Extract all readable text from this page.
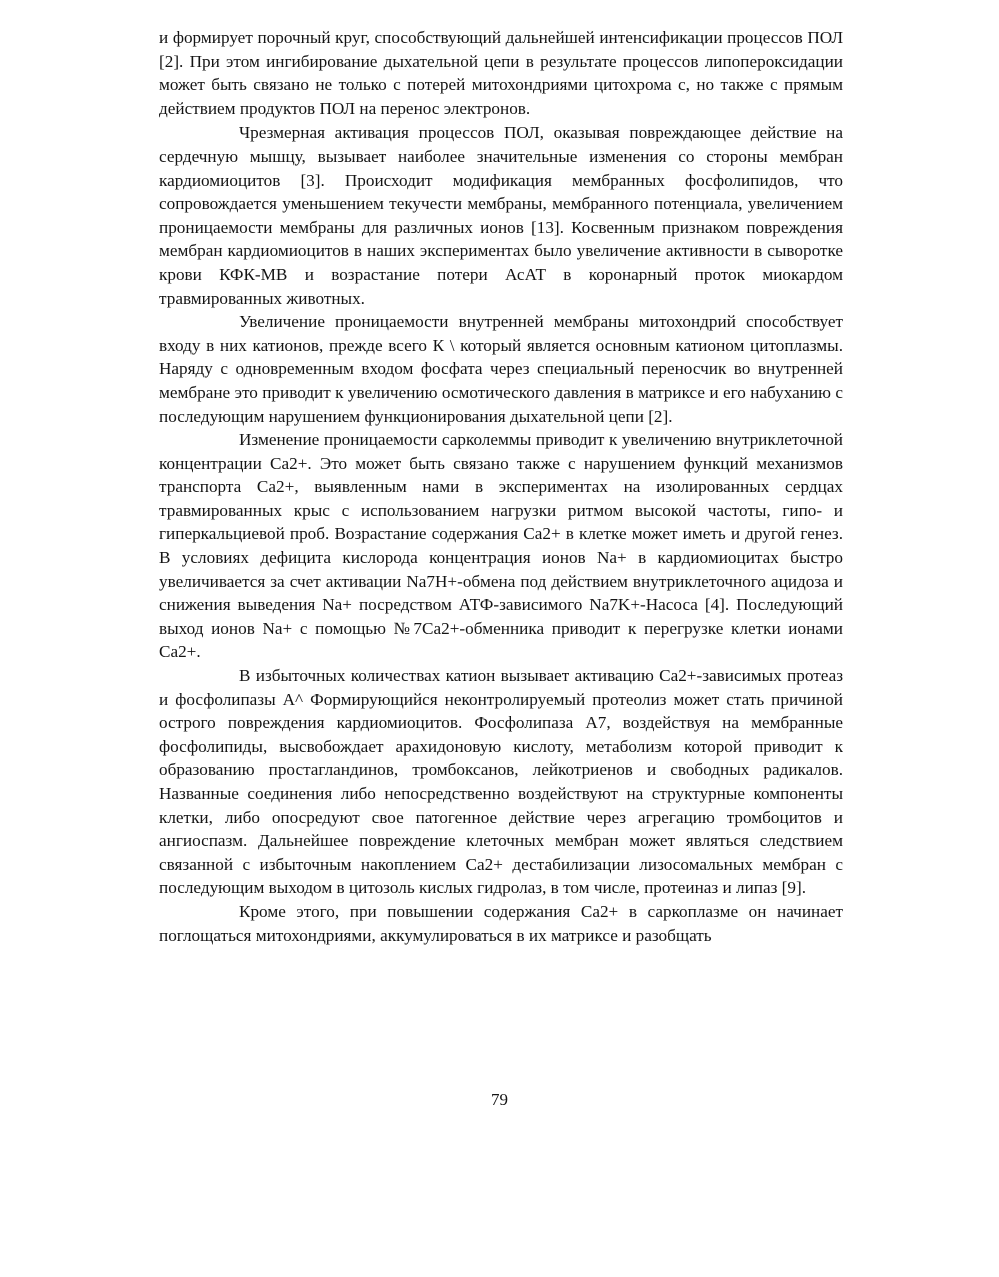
и формирует порочный круг, способствующий дальнейшей интенсификации процессов ПОЛ [2]. При этом ингибирование дыхательной цепи в результате процессов липопероксидации может быть связано не только с потерей митохондриями цитохрома с, но также с прямым действием продуктов ПОЛ на перенос электронов.

Чрезмерная активация процессов ПОЛ, оказывая повреждающее действие на сердечную мышцу, вызывает наиболее значительные изменения со стороны мембран кардиомиоцитов [3]. Происходит модификация мембранных фосфолипидов, что сопровождается уменьшением текучести мембраны, мембранного потенциала, увеличением проницаемости мембраны для различных ионов [13]. Косвенным признаком повреждения мембран кардиомиоцитов в наших экспериментах было увеличение активности в сыворотке крови КФК-МВ и возрастание потери АсАТ в коронарный проток миокардом травмированных животных.

Увеличение проницаемости внутренней мембраны митохондрий способствует входу в них катионов, прежде всего К \ который является основным катионом цитоплазмы. Наряду с одновременным входом фосфата через специальный переносчик во внутренней мембране это приводит к увеличению осмотического давления в матриксе и его набуханию с последующим нарушением функционирования дыхательной цепи [2].

Изменение проницаемости сарколеммы приводит к увеличению внутриклеточной концентрации Са2+. Это может быть связано также с нарушением функций механизмов транспорта Са2+, выявленным нами в экспериментах на изолированных сердцах травмированных крыс с использованием нагрузки ритмом высокой частоты, гипо- и гиперкальциевой проб. Возрастание содержания Са2+ в клетке может иметь и другой генез. В условиях дефицита кислорода концентрация ионов Na+ в кардиомиоцитах быстро увеличивается за счет активации Na7H+-обмена под действием внутриклеточного ацидоза и снижения выведения Na+ посредством АТФ-зависимого Na7K+-Насоса [4]. Последующий выход ионов Na+ с помощью №7Са2+-обменника приводит к перегрузке клетки ионами Са2+.

В избыточных количествах катион вызывает активацию Са2+-зависимых протеаз и фосфолипазы А^ Формирующийся неконтролируемый протеолиз может стать причиной острого повреждения кардиомиоцитов. Фосфолипаза А7, воздействуя на мембранные фосфолипиды, высвобождает арахидоновую кислоту, метаболизм которой приводит к образованию простагландинов, тромбоксанов, лейкотриенов и свободных радикалов. Названные соединения либо непосредственно воздействуют на структурные компоненты клетки, либо опосредуют свое патогенное действие через агрегацию тромбоцитов и ангиоспазм. Дальнейшее повреждение клеточных мембран может являться следствием связанной с избыточным накоплением Са2+ дестабилизации лизосомальных мембран с последующим выходом в цитозоль кислых гидролаз, в том числе, протеиназ и липаз [9].

Кроме этого, при повышении содержания Са2+ в саркоплазме он начинает поглощаться митохондриями, аккумулироваться в их матриксе и разобщать

79
